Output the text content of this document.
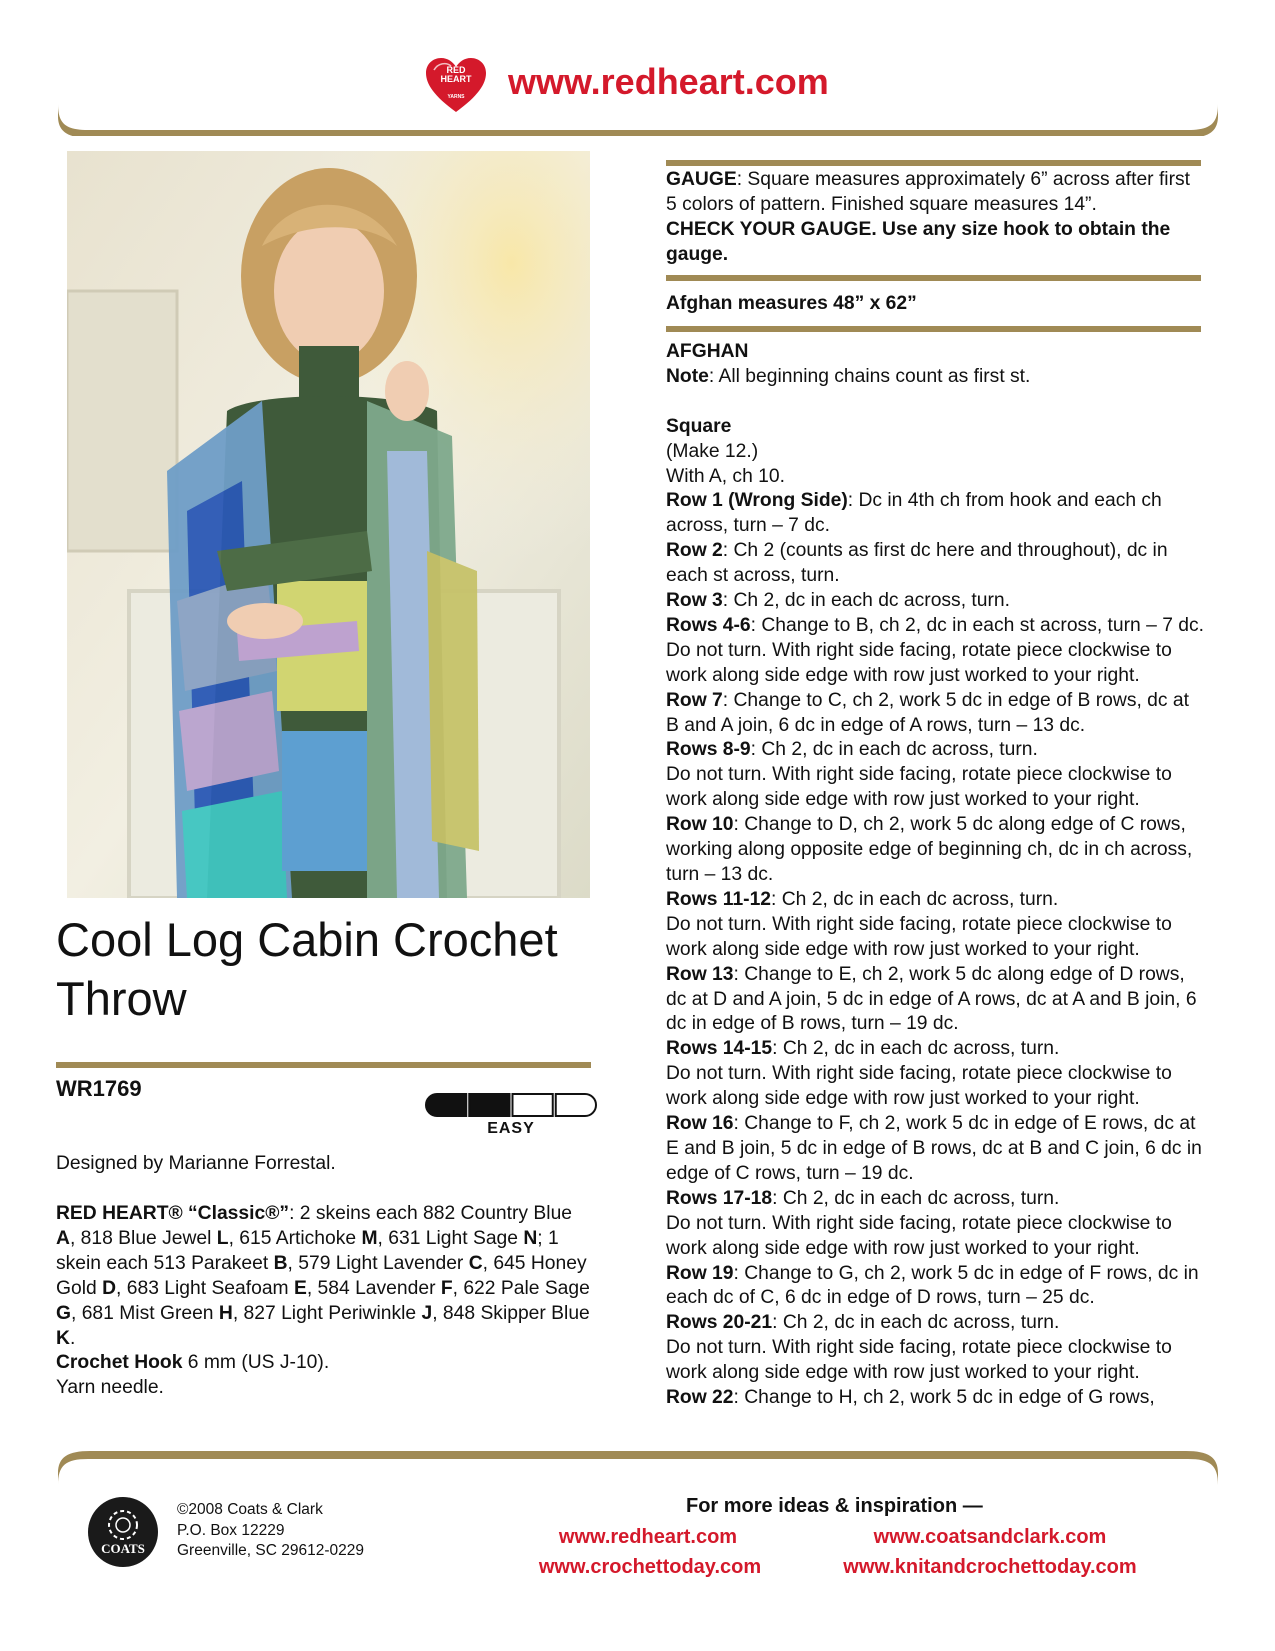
RED
HEART
YARNS	www.redheart.com
Cool Log Cabin Crochet Throw
WR1769
EASY
Designed by Marianne Forrestal.

RED HEART® “Classic®”: 2 skeins each 882 Country Blue A, 818 Blue Jewel L, 615 Artichoke M, 631 Light Sage N; 1 skein each 513 Parakeet B, 579 Light Lavender C, 645 Honey Gold D, 683 Light Seafoam E, 584 Lavender F, 622 Pale Sage G, 681 Mist Green H, 827 Light Periwinkle J, 848 Skipper Blue K.

Crochet Hook 6 mm (US J-10).

Yarn needle.

GAUGE: Square measures approximately 6” across after first 5 colors of pattern. Finished square measures 14”.

CHECK YOUR GAUGE. Use any size hook to obtain the gauge.

Afghan measures 48” x 62”

AFGHAN

Note: All beginning chains count as first st.

Square

(Make 12.)

With A, ch 10.

Row 1 (Wrong Side): Dc in 4th ch from hook and each ch across, turn – 7 dc.

Row 2: Ch 2 (counts as first dc here and throughout), dc in each st across, turn.

Row 3: Ch 2, dc in each dc across, turn.

Rows 4-6: Change to B, ch 2, dc in each st across, turn – 7 dc.

Do not turn. With right side facing, rotate piece clockwise to work along side edge with row just worked to your right.

Row 7: Change to C, ch 2, work 5 dc in edge of B rows, dc at B and A join, 6 dc in edge of A rows, turn – 13 dc.

Rows 8-9: Ch 2, dc in each dc across, turn.

Do not turn. With right side facing, rotate piece clockwise to work along side edge with row just worked to your right.

Row 10: Change to D, ch 2, work 5 dc along edge of C rows, working along opposite edge of beginning ch, dc in ch across, turn – 13 dc.

Rows 11-12: Ch 2, dc in each dc across, turn.

Do not turn. With right side facing, rotate piece clockwise to work along side edge with row just worked to your right.

Row 13: Change to E, ch 2, work 5 dc along edge of D rows, dc at D and A join, 5 dc in edge of A rows, dc at A and B join, 6 dc in edge of B rows, turn – 19 dc.

Rows 14-15: Ch 2, dc in each dc across, turn.

Do not turn. With right side facing, rotate piece clockwise to work along side edge with row just worked to your right.

Row 16: Change to F, ch 2, work 5 dc in edge of E rows, dc at E and B join, 5 dc in edge of B rows, dc at B and C join, 6 dc in edge of C rows, turn – 19 dc.

Rows 17-18: Ch 2, dc in each dc across, turn.

Do not turn. With right side facing, rotate piece clockwise to work along side edge with row just worked to your right.

Row 19: Change to G, ch 2, work 5 dc in edge of F rows, dc in each dc of C, 6 dc in edge of D rows, turn – 25 dc.

Rows 20-21: Ch 2, dc in each dc across, turn.

Do not turn. With right side facing, rotate piece clockwise to work along side edge with row just worked to your right.

Row 22: Change to H, ch 2, work 5 dc in edge of G rows,

COATS
©2008 Coats & Clark
P.O. Box 12229
Greenville, SC 29612-0229
For more ideas & inspiration —
www.redheart.com	www.coatsandclark.com
www.crochettoday.com	www.knitandcrochettoday.com
